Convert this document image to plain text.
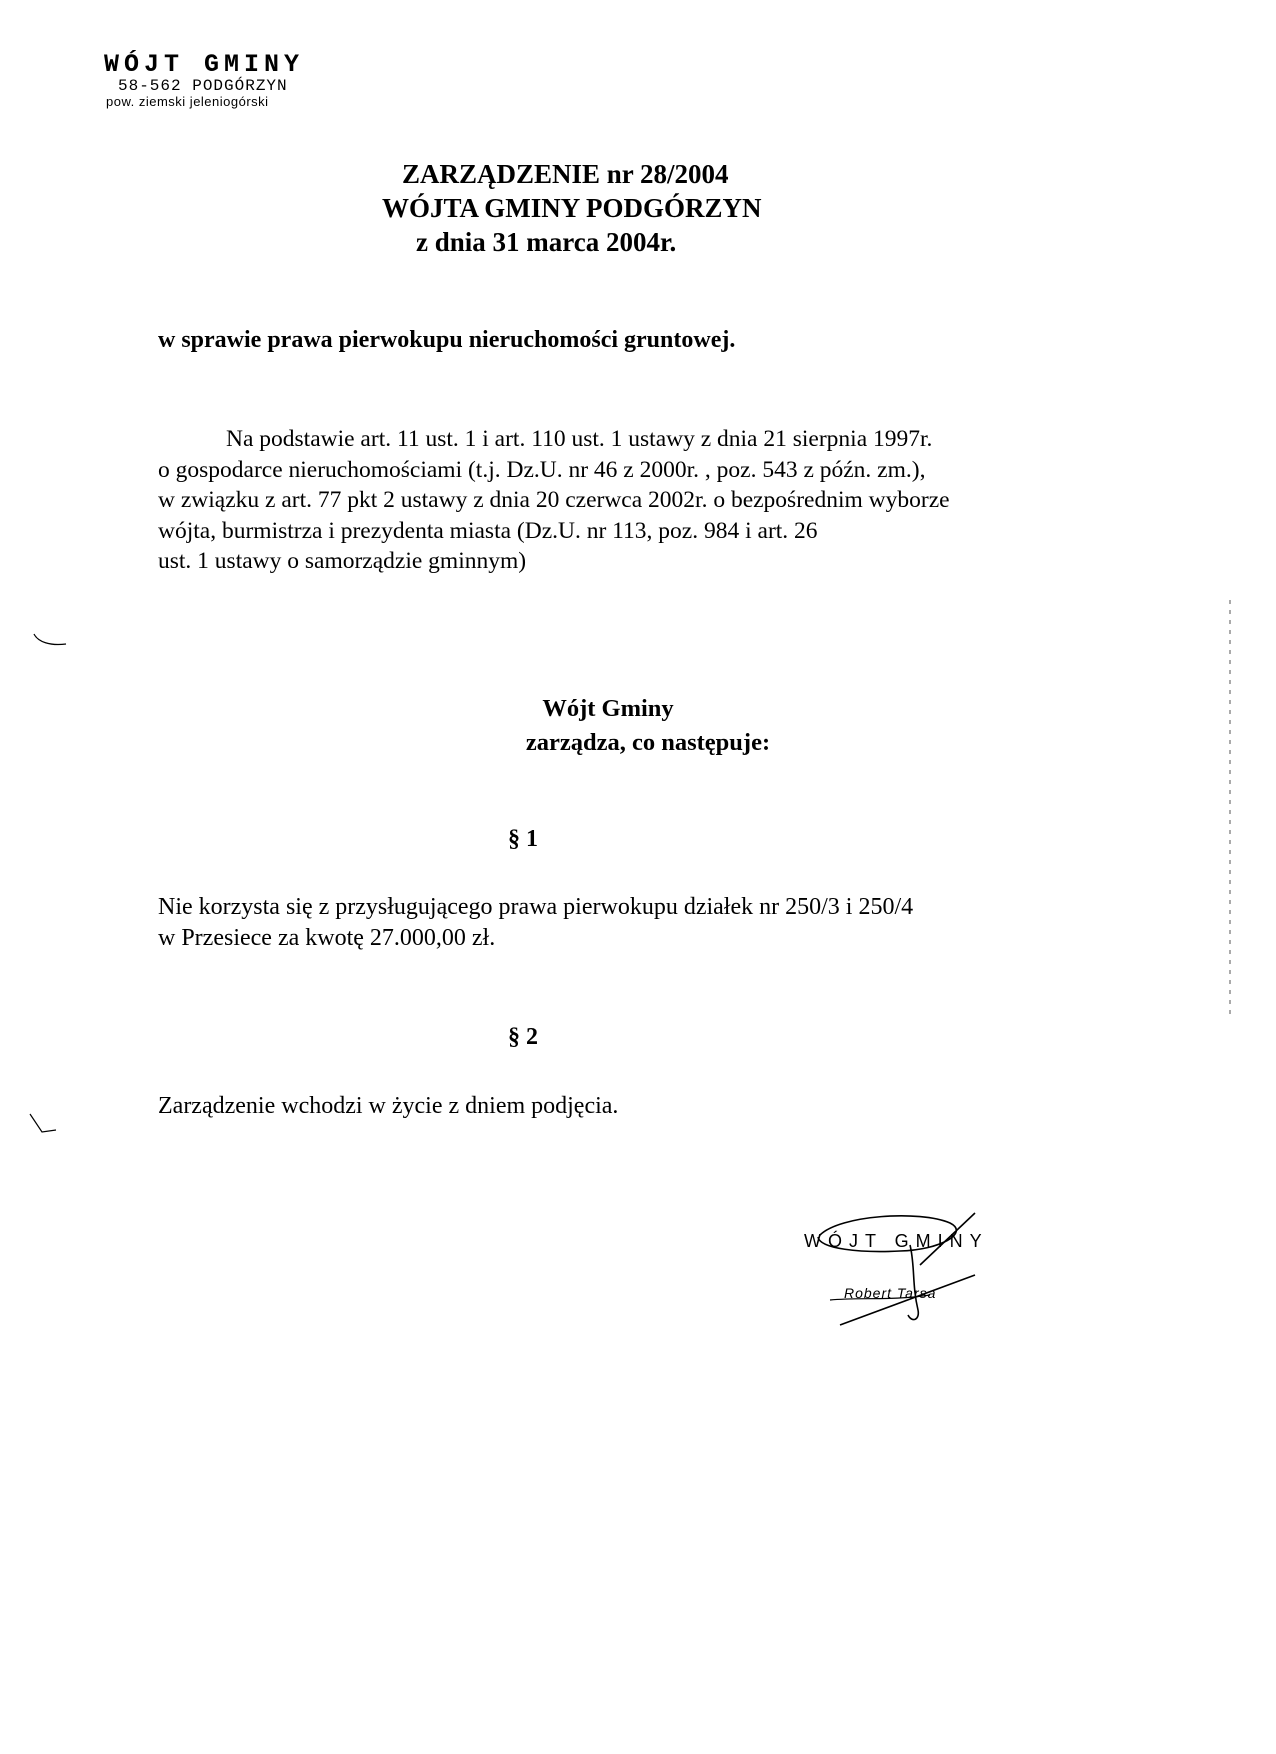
WÓJT GMINY
58-562 PODGÓRZYN
pow. ziemski jeleniogórski
ZARZĄDZENIE nr 28/2004
WÓJTA GMINY PODGÓRZYN
z dnia 31 marca 2004r.
w sprawie prawa pierwokupu nieruchomości gruntowej.
Na podstawie art. 11 ust. 1 i art. 110 ust. 1 ustawy z dnia 21 sierpnia 1997r.
o gospodarce nieruchomościami (t.j. Dz.U. nr 46 z 2000r. , poz. 543 z późn. zm.),
w związku z art. 77 pkt 2 ustawy z dnia 20 czerwca 2002r. o bezpośrednim wyborze
wójta, burmistrza i prezydenta miasta (Dz.U. nr 113, poz. 984 i art. 26
ust. 1 ustawy o samorządzie gminnym)
Wójt Gminy
zarządza, co następuje:
§ 1
Nie korzysta się z przysługującego prawa pierwokupu działek nr 250/3 i 250/4
w Przesiece za kwotę 27.000,00 zł.
§ 2
Zarządzenie wchodzi w życie z dniem podjęcia.
WÓJT GMINY
Robert Tarsa
